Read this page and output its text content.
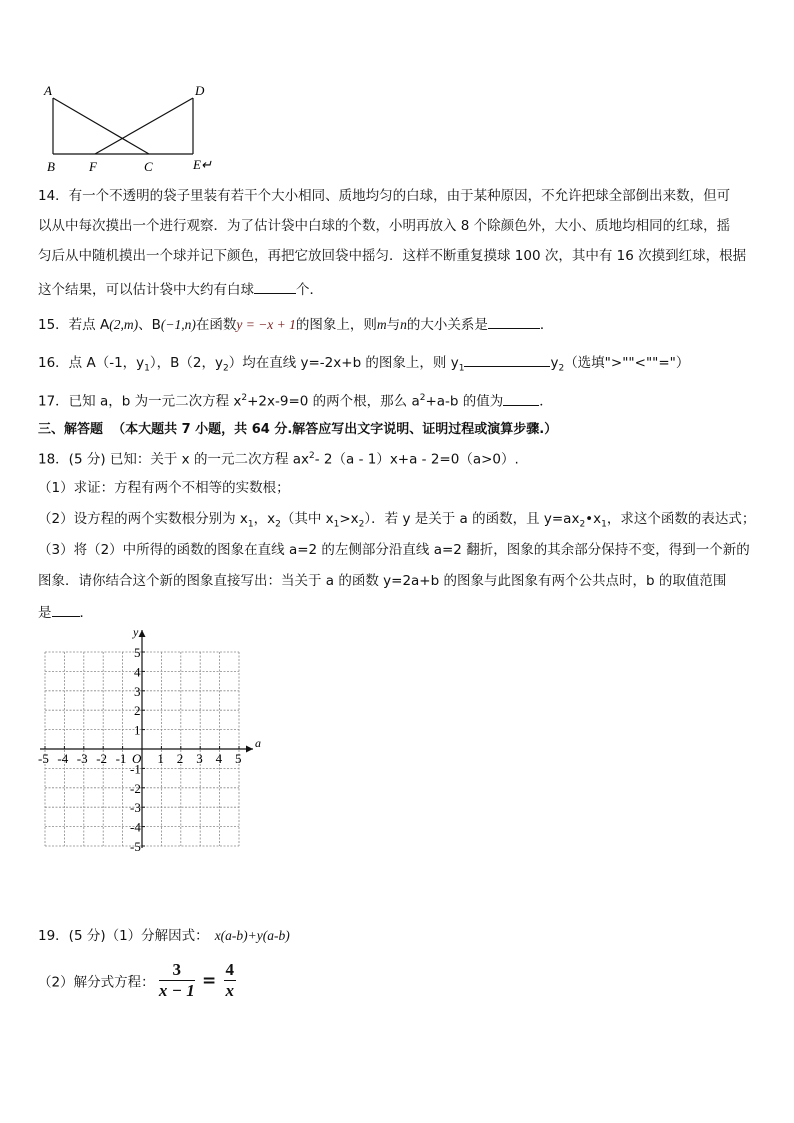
A	D
B	F	C	E↵
14．有一个不透明的袋子里装有若干个大小相同、质地均匀的白球，由于某种原因，不允许把球全部倒出来数，但可
以从中每次摸出一个进行观察．为了估计袋中白球的个数，小明再放入 8 个除颜色外，大小、质地均相同的红球，摇
匀后从中随机摸出一个球并记下颜色，再把它放回袋中摇匀．这样不断重复摸球 100 次，其中有 16 次摸到红球，根据
这个结果，可以估计袋中大约有白球	个．
15．若点 A(2,m)、B(−1,n)在函数y = −x + 1的图象上，则m与n的大小关系是	．
16．点 A（-1，$y_1$），B（2，$y_2$）均在直线 y=-2x+b 的图象上，则 $y_1$	$y_2$（选填">""<""="）
17．已知 a，b 为一元二次方程 $x^2+2x-9=0$ 的两个根，那么 $a^2+a-b$ 的值为	．
三、解答题 （本大题共 7 小题，共 64 分.解答应写出文字说明、证明过程或演算步骤.）
18．(5 分) 已知：关于 x 的一元二次方程 $ax^2-$ 2（a - 1）x+a - 2=0（a>0）.
（1）求证：方程有两个不相等的实数根；
（2）设方程的两个实数根分别为 $x_1$，$x_2$（其中 $x_1>x_2$）．若 y 是关于 a 的函数，且 $y=ax_2•x_1$，求这个函数的表达式；
（3）将（2）中所得的函数的图象在直线 a=2 的左侧部分沿直线 a=2 翻折，图象的其余部分保持不变，得到一个新的
图象．请你结合这个新的图象直接写出：当关于 a 的函数 y=2a+b 的图象与此图象有两个公共点时，b 的取值范围
是 ．
a
y
O
-5 -4 -3 -2 -1 1 2 3 4 5
5
4
3
2
1
-1
-2
-3
-4
-5
19．(5 分)（1）分解因式： x(a-b)+y(a-b)
（2）解分式方程： $\frac{3}{x - 1} = \frac{4}{x}$
